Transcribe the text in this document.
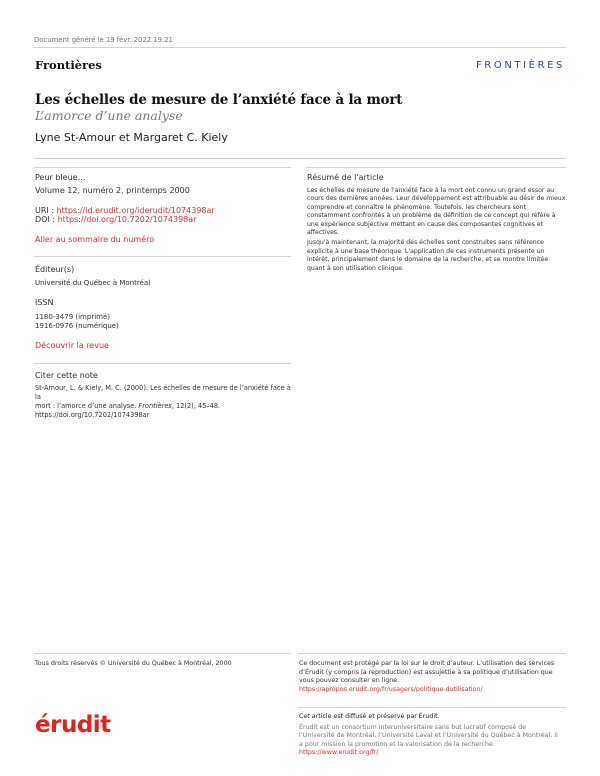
Document généré le 19 févr. 2022 19:21
Frontières	FRONTIÈRES
Les échelles de mesure de l’anxiété face à la mort
L’amorce d’une analyse
Lyne St-Amour et Margaret C. Kiely
Peur bleue…
Volume 12, numéro 2, printemps 2000
URI : https://id.erudit.org/iderudit/1074398ar
DOI : https://doi.org/10.7202/1074398ar
Aller au sommaire du numéro
Éditeur(s)
Université du Québec à Montréal
ISSN
1180-3479 (imprimé)
1916-0976 (numérique)
Découvrir la revue
Citer cette note
St-Amour, L. & Kiely, M. C. (2000). Les échelles de mesure de l’anxiété face à la
mort : l’amorce d’une analyse. Frontières, 12(2), 45–48.
https://doi.org/10.7202/1074398ar
Résumé de l'article

Les échelles de mesure de l'anxiété face à la mort ont connu un grand essor au cours des dernières années. Leur développement est attribuable au désir de mieux comprendre et connaître le phénomène. Toutefois, les chercheurs sont constamment confrontés à un problème de définition de ce concept qui réfère à une expérience subjective mettant en cause des composantes cognitives et affectives.

Jusqu'à maintenant, la majorité des échelles sont construites sans référence explicite à une base théorique. L'application de ces instruments présente un intérêt, principalement dans le domaine de la recherche, et se montre limitée quant à son utilisation clinique.

Tous droits réservés © Université du Québec à Montréal, 2000	Ce document est protégé par la loi sur le droit d’auteur. L’utilisation des services d’Érudit (y compris la reproduction) est assujettie à sa politique d’utilisation que vous pouvez consulter en ligne.
https://apropos.erudit.org/fr/usagers/politique-dutilisation/
érudit	Cet article est diffusé et préservé par Érudit.
Érudit est un consortium interuniversitaire sans but lucratif composé de l’Université de Montréal, l’Université Laval et l’Université du Québec à Montréal. Il a pour mission la promotion et la valorisation de la recherche.
https://www.erudit.org/fr/
